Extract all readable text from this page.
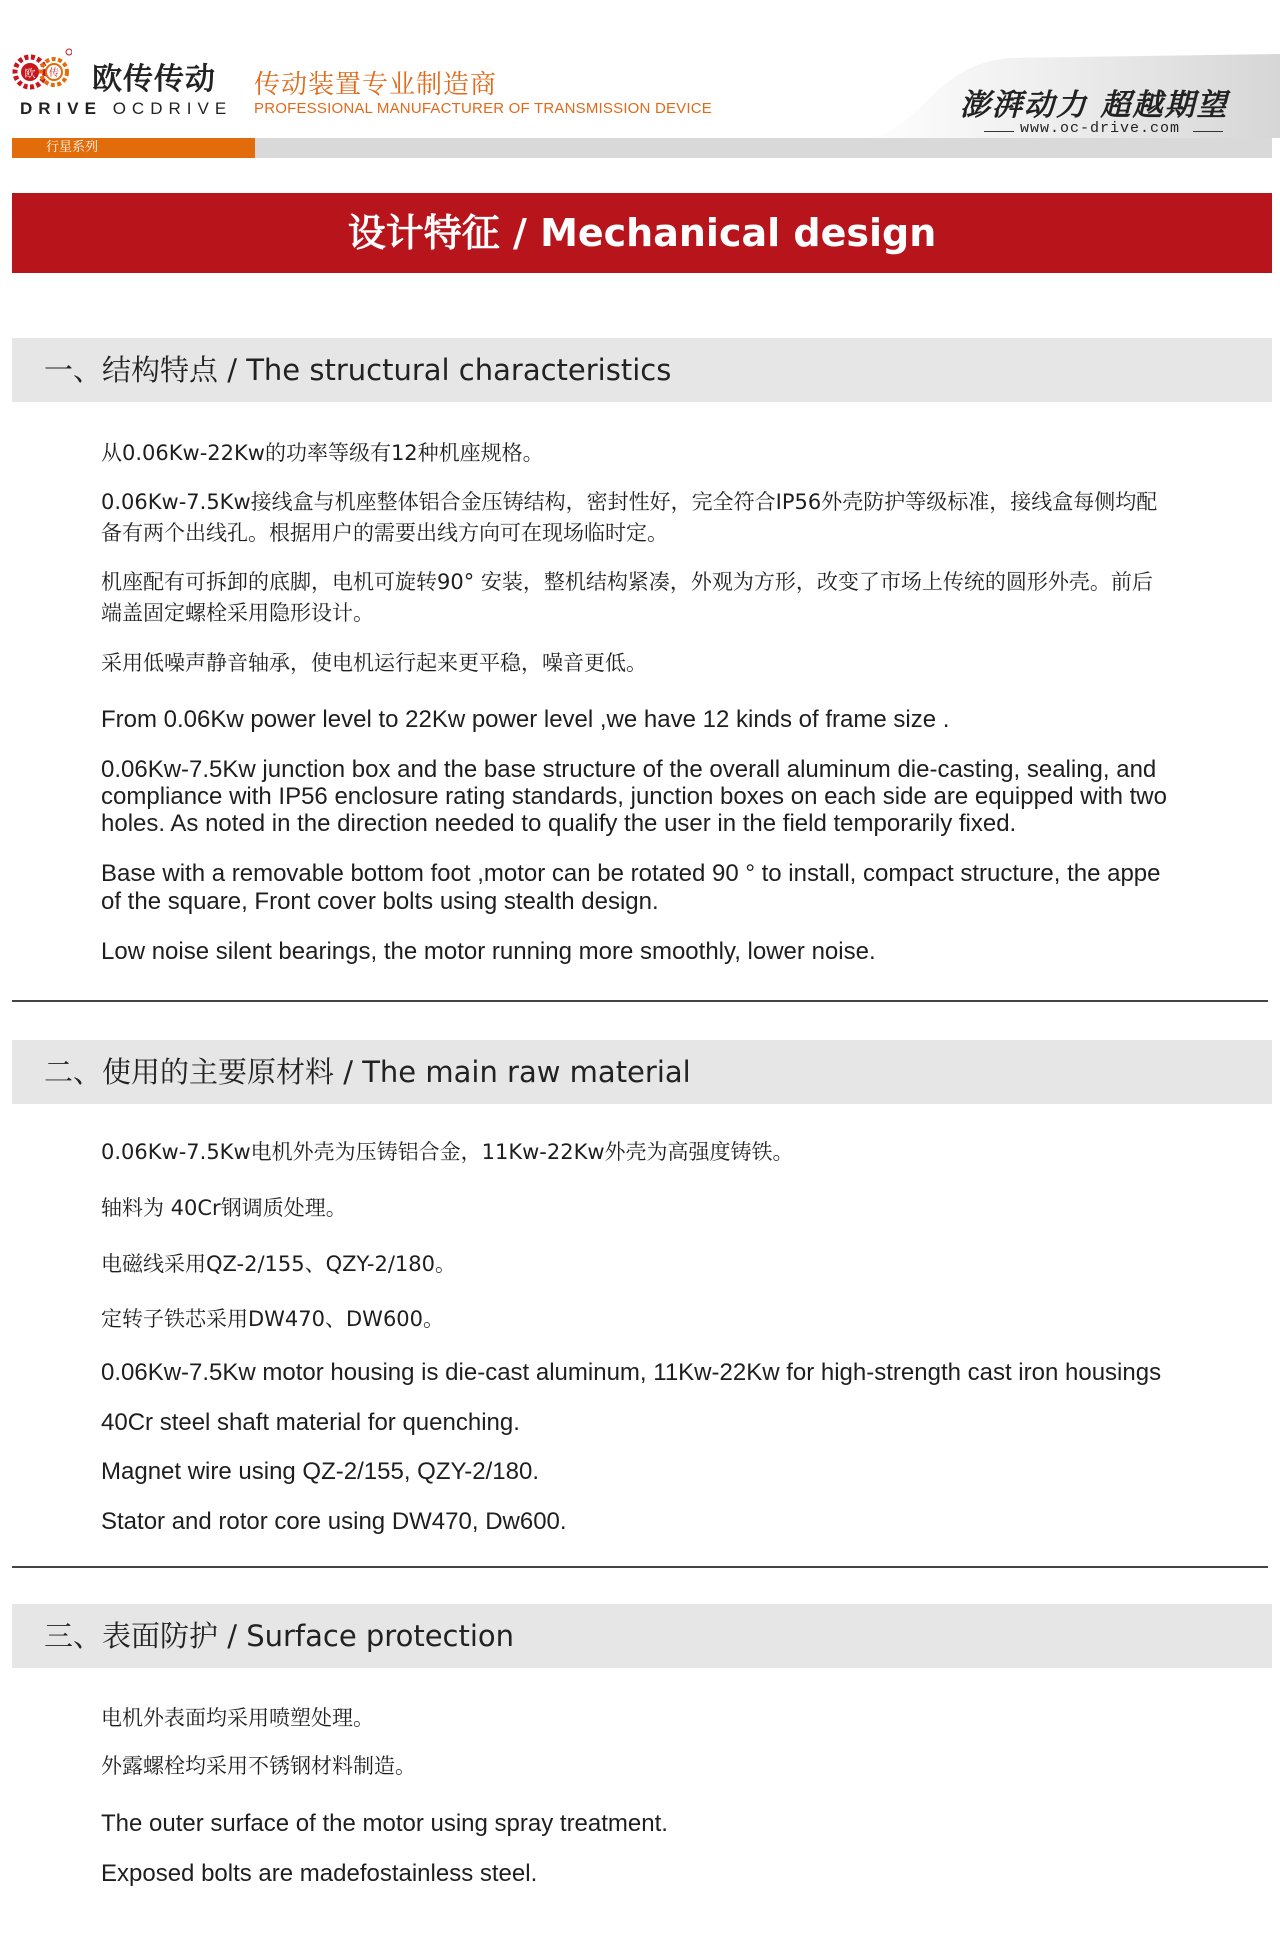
欧 传 欧传传动
DRIVE OCDRIVE
传动装置专业制造商
PROFESSIONAL MANUFACTURER OF TRANSMISSION DEVICE	澎湃动力 超越期望
www.oc-drive.com
行星系列
设计特征 / Mechanical design
一、结构特点 / The structural characteristics

从0.06Kw-22Kw的功率等级有12种机座规格。

0.06Kw-7.5Kw接线盒与机座整体铝合金压铸结构，密封性好，完全符合IP56外壳防护等级标准，接线盒每侧均配

备有两个出线孔。根据用户的需要出线方向可在现场临时定。

机座配有可拆卸的底脚，电机可旋转90° 安装，整机结构紧凑，外观为方形，改变了市场上传统的圆形外壳。前后

端盖固定螺栓采用隐形设计。

采用低噪声静音轴承，使电机运行起来更平稳，噪音更低。

From 0.06Kw power level to 22Kw power level ,we have 12 kinds of frame size .

0.06Kw-7.5Kw junction box and the base structure of the overall aluminum die-casting, sealing, and

compliance with IP56 enclosure rating standards, junction boxes on each side are equipped with two

holes. As noted in the direction needed to qualify the user in the field temporarily fixed.

Base with a removable bottom foot ,motor can be rotated 90 ° to install, compact structure, the appe

of the square, Front cover bolts using stealth design.

Low noise silent bearings, the motor running more smoothly, lower noise.

二、使用的主要原材料 / The main raw material

0.06Kw-7.5Kw电机外壳为压铸铝合金，11Kw-22Kw外壳为高强度铸铁。

轴料为 40Cr钢调质处理。

电磁线采用QZ-2/155、QZY-2/180。

定转子铁芯采用DW470、DW600。

0.06Kw-7.5Kw motor housing is die-cast aluminum, 11Kw-22Kw for high-strength cast iron housings

40Cr steel shaft material for quenching.

Magnet wire using QZ-2/155, QZY-2/180.

Stator and rotor core using DW470, Dw600.

三、表面防护 / Surface protection

电机外表面均采用喷塑处理。

外露螺栓均采用不锈钢材料制造。

The outer surface of the motor using spray treatment.

Exposed bolts are madefostainless steel.
